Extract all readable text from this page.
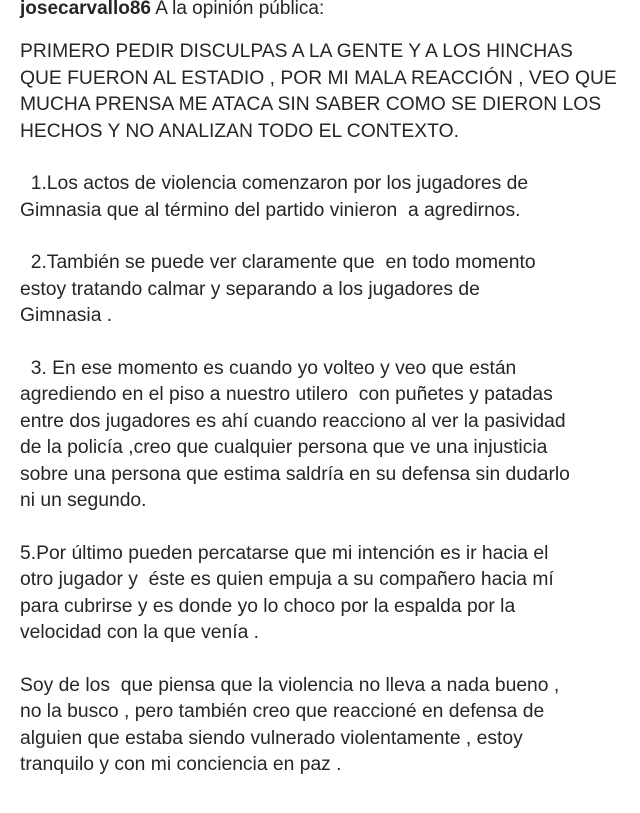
josecarvallo86 A la opinión pública:

PRIMERO PEDIR DISCULPAS A LA GENTE Y A LOS HINCHAS
QUE FUERON AL ESTADIO , POR MI MALA REACCIÓN , VEO QUE
MUCHA PRENSA ME ATACA SIN SABER COMO SE DIERON LOS
HECHOS Y NO ANALIZAN TODO EL CONTEXTO.

1.Los actos de violencia comenzaron por los jugadores de
Gimnasia que al término del partido vinieron  a agredirnos.

2.También se puede ver claramente que  en todo momento
estoy tratando calmar y separando a los jugadores de
Gimnasia .

3. En ese momento es cuando yo volteo y veo que están
agrediendo en el piso a nuestro utilero  con puñetes y patadas
entre dos jugadores es ahí cuando reacciono al ver la pasividad
de la policía ,creo que cualquier persona que ve una injusticia
sobre una persona que estima saldría en su defensa sin dudarlo
ni un segundo.

5.Por último pueden percatarse que mi intención es ir hacia el
otro jugador y  éste es quien empuja a su compañero hacia mí
para cubrirse y es donde yo lo choco por la espalda por la
velocidad con la que venía .

Soy de los  que piensa que la violencia no lleva a nada bueno ,
no la busco , pero también creo que reaccioné en defensa de
alguien que estaba siendo vulnerado violentamente , estoy
tranquilo y con mi conciencia en paz .
